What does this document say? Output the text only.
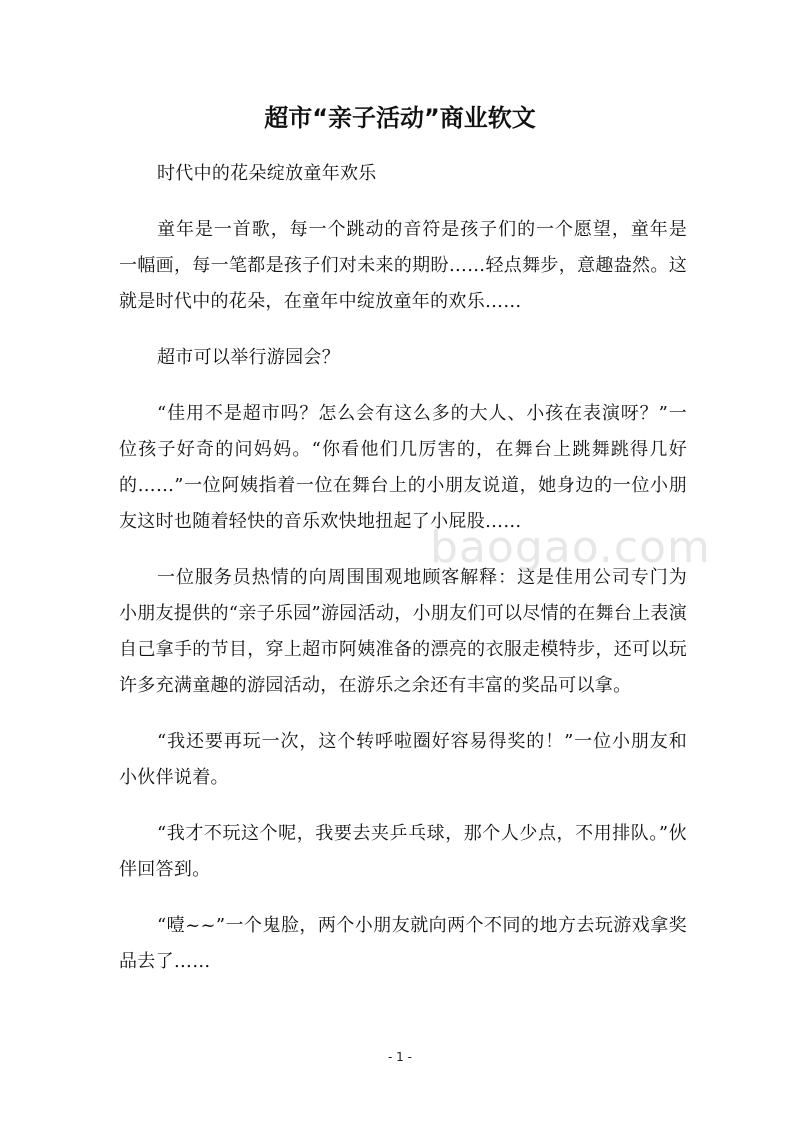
超市“亲子活动”商业软文

时代中的花朵绽放童年欢乐

童年是一首歌，每一个跳动的音符是孩子们的一个愿望，童年是一幅画，每一笔都是孩子们对未来的期盼……轻点舞步，意趣盎然。这就是时代中的花朵，在童年中绽放童年的欢乐……

超市可以举行游园会？

“佳用不是超市吗？怎么会有这么多的大人、小孩在表演呀？”一位孩子好奇的问妈妈。“你看他们几厉害的，在舞台上跳舞跳得几好的……”一位阿姨指着一位在舞台上的小朋友说道，她身边的一位小朋友这时也随着轻快的音乐欢快地扭起了小屁股……

一位服务员热情的向周围围观地顾客解释：这是佳用公司专门为小朋友提供的“亲子乐园”游园活动，小朋友们可以尽情的在舞台上表演自己拿手的节目，穿上超市阿姨准备的漂亮的衣服走模特步，还可以玩许多充满童趣的游园活动，在游乐之余还有丰富的奖品可以拿。

“我还要再玩一次，这个转呼啦圈好容易得奖的！”一位小朋友和小伙伴说着。

“我才不玩这个呢，我要去夹乒乓球，那个人少点，不用排队。”伙伴回答到。

“噎~~”一个鬼脸，两个小朋友就向两个不同的地方去玩游戏拿奖品去了……

baogao.com
- 1 -
